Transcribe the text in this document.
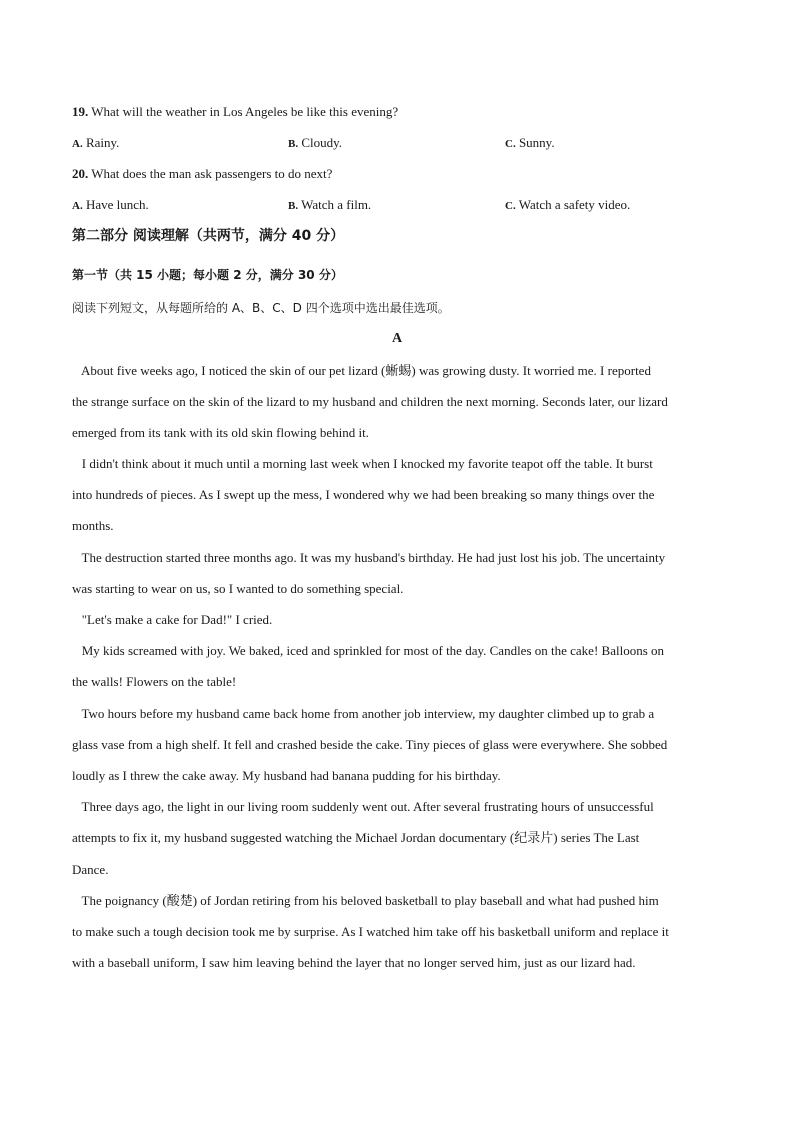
19. What will the weather in Los Angeles be like this evening?
A. Rainy.	B. Cloudy.	C. Sunny.
20. What does the man ask passengers to do next?
A. Have lunch.	B. Watch a film.	C. Watch a safety video.
第二部分 阅读理解（共两节，满分 40 分）
第一节（共 15 小题；每小题 2 分，满分 30 分）
阅读下列短文，从每题所给的 A、B、C、D 四个选项中选出最佳选项。
A
About five weeks ago, I noticed the skin of our pet lizard (蜥蜴) was growing dusty. It worried me. I reported
the strange surface on the skin of the lizard to my husband and children the next morning. Seconds later, our lizard
emerged from its tank with its old skin flowing behind it.
I didn't think about it much until a morning last week when I knocked my favorite teapot off the table. It burst
into hundreds of pieces. As I swept up the mess, I wondered why we had been breaking so many things over the
months.
The destruction started three months ago. It was my husband's birthday. He had just lost his job. The uncertainty
was starting to wear on us, so I wanted to do something special.
"Let's make a cake for Dad!" I cried.
My kids screamed with joy. We baked, iced and sprinkled for most of the day. Candles on the cake! Balloons on
the walls! Flowers on the table!
Two hours before my husband came back home from another job interview, my daughter climbed up to grab a
glass vase from a high shelf. It fell and crashed beside the cake. Tiny pieces of glass were everywhere. She sobbed
loudly as I threw the cake away. My husband had banana pudding for his birthday.
Three days ago, the light in our living room suddenly went out. After several frustrating hours of unsuccessful
attempts to fix it, my husband suggested watching the Michael Jordan documentary (纪录片) series The Last
Dance.
The poignancy (酸楚) of Jordan retiring from his beloved basketball to play baseball and what had pushed him
to make such a tough decision took me by surprise. As I watched him take off his basketball uniform and replace it
with a baseball uniform, I saw him leaving behind the layer that no longer served him, just as our lizard had.
